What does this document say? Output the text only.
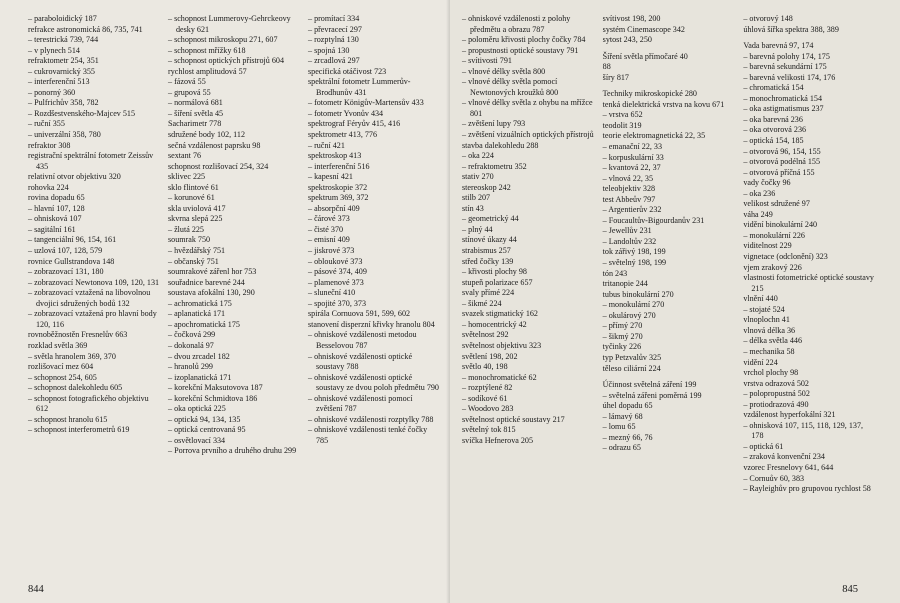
– paraboloidický 187

refrakce astronomická 86, 735, 741

– terestrická 739, 744

– v plynech 514

refraktometr 254, 351

– cukrovarnický 355

– interferenční 513

– ponorný 360

– Pulfrichův 358, 782

– Rozdšestvenského-Majcev 515

– ruční 355

– univerzální 358, 780

refraktor 308

registrační spektrální fotometr Zeissův 435

relativní otvor objektivu 320

rohovka 224

rovina dopadu 65

– hlavní 107, 128

– ohnisková 107

– sagitální 161

– tangenciální 96, 154, 161

– uzlová 107, 128, 579

rovnice Gullstrandova 148

– zobrazovací 131, 180

– zobrazovací Newtonova 109, 120, 131

– zobrazovací vztažená na libovolnou dvojici sdružených bodů 132

– zobrazovací vztažená pro hlavní body 120, 116

rovnoběžnostěn Fresnelův 663

rozklad světla 369

– světla hranolem 369, 370

rozlišovací mez 604

– schopnost 254, 605

– schopnost dalekohledu 605

– schopnost fotografického objektivu 612

– schopnost hranolu 615

– schopnost interferometrů 619

– schopnost Lummerovy-Gehrckeovy desky 621

– schopnost mikroskopu 271, 607

– schopnost mřížky 618

– schopnost optických přístrojů 604

rychlost amplitudová 57

– fázová 55

– grupová 55

– normálová 681

– šíření světla 45

Sacharimetr 778

sdružené body 102, 112

sečná vzdálenost paprsku 98

sextant 76

schopnost rozlišovací 254, 324

sklivec 225

sklo flintové 61

– korunové 61

skla uviolová 417

skvrna slepá 225

– žlutá 225

soumrak 750

– hvězdářský 751

– občanský 751

soumrakové zářenl hor 753

souřadnice barevné 244

soustava afokální 130, 290

– achromatická 175

– aplanatická 171

– apochromatická 175

– čočková 299

– dokonalá 97

– dvou zrcadel 182

– hranolů 299

– izoplanatická 171

– korekční Maksutovova 187

– korekční Schmidtova 186

– oka optická 225

– optická 94, 134, 135

– optická centrovaná 95

– osvětlovací 334

– Porrova prvního a druhého druhu 299

– promítací 334

– převracecí 297

– rozptylná 130

– spojná 130

– zrcadlová 297

specifická otáčivost 723

spektrální fotometr Lummerův-Brodhunův 431

– fotometr Königův-Martensův 433

– fotometr Yvonův 434

spektrograf Féryův 415, 416

spektrometr 413, 776

– ruční 421

spektroskop 413

– interferenční 516

– kapesní 421

spektroskopie 372

spektrum 369, 372

– absorpční 409

– čárové 373

– čisté 370

– emisní 409

– jiskrové 373

– obloukové 373

– pásové 374, 409

– plamenové 373

– sluneční 410

– spojité 370, 373

spirála Cornuova 591, 599, 602

stanovení disperzní křivky hranolu 804

– ohniskové vzdálenosti metodou Besselovou 787

– ohniskové vzdálenosti optické soustavy 788

– ohniskové vzdálenosti optické soustavy ze dvou poloh předmětu 790

– ohniskové vzdálenosti pomocí zvětšení 787

– ohniskové vzdálenosti rozptylky 788

– ohniskové vzdálenosti tenké čočky 785

844

– ohniskové vzdálenosti z polohy předmětu a obrazu 787

– poloměru křivosti plochy čočky 784

– propustnosti optické soustavy 791

– svítivosti 791

– vlnové délky světla 800

– vlnové délky světla pomocí Newtonových kroužků 800

– vlnové délky světla z ohybu na mřížce 801

– zvětšení lupy 793

– zvětšení vizuálních optických přístrojů

stavba dalekohledu 288

– oka 224

– refraktometru 352

stativ 270

stereoskop 242

stilb 207

stín 43

– geometrický 44

– plný 44

stínové úkazy 44

strabismus 257

střed čočky 139

– křivosti plochy 98

stupeň polarizace 657

svaly přímé 224

– šikmé 224

svazek stigmatický 162

– homocentrický 42

světelnost 292

světelnost objektivu 323

světlení 198, 202

světlo 40, 198

– monochromatické 62

– rozptýlené 82

– sodíkové 61

– Woodovo 283

světelnost optické soustavy 217

světelný tok 815

svíčka Hefnerova 205

svítivost 198, 200

systém Cinemascope 342

sytost 243, 250

Šíření světla přímočaré 40

88

šíry 817

Techniky mikroskopické 280

tenká dielektrická vrstva na kovu 671

– vrstva 652

teodolit 319

teorie elektromagnetická 22, 35

– emanační 22, 33

– korpuskulární 33

– kvantová 22, 37

– vlnová 22, 35

teleobjektiv 328

test Abbeův 797

– Argentierův 232

– Foucaultův-Bigourdanův 231

– Jewellův 231

– Landoltův 232

tok zářivý 198, 199

– světelný 198, 199

tón 243

tritanopie 244

tubus binokulární 270

– monokulární 270

– okulárový 270

– přímý 270

– šikmý 270

tyčinky 226

typ Petzvalův 325

těleso ciliární 224

Účinnost světelná záření 199

– světelná zářeni poměrná 199

úhel dopadu 65

– lámavý 68

– lomu 65

– mezný 66, 76

– odrazu 65

– otvorový 148

úhlová šířka spektra 388, 389

Vada barevná 97, 174

– barevná polohy 174, 175

– barevná sekundární 175

– barevná velikosti 174, 176

– chromatická 154

– monochromatická 154

– oka astigmatismus 237

– oka barevná 236

– oka otvorová 236

– optická 154, 185

– otvorová 96, 154, 155

– otvorová podélná 155

– otvorová příčná 155

vady čočky 96

– oka 236

velikost sdružené 97

váha 249

vidění binokulární 240

– monokulární 226

viditelnost 229

vignetace (odclonění) 323

vjem zrakový 226

vlastnosti fotometrické optické soustavy 215

vlnění 440

– stojaté 524

vlnoplochn 41

vlnová délka 36

– délka světla 446

– mechanika 58

vidění 224

vrchol plochy 98

vrstva odrazová 502

– polopropustná 502

– protiodrazová 490

vzdálenost hyperfokální 321

– ohnisková 107, 115, 118, 129, 137, 178

– optická 61

– zraková konvenční 234

vzorec Fresnelovy 641, 644

– Cornuův 60, 383

– Rayleighův pro grupovou rychlost 58

845
